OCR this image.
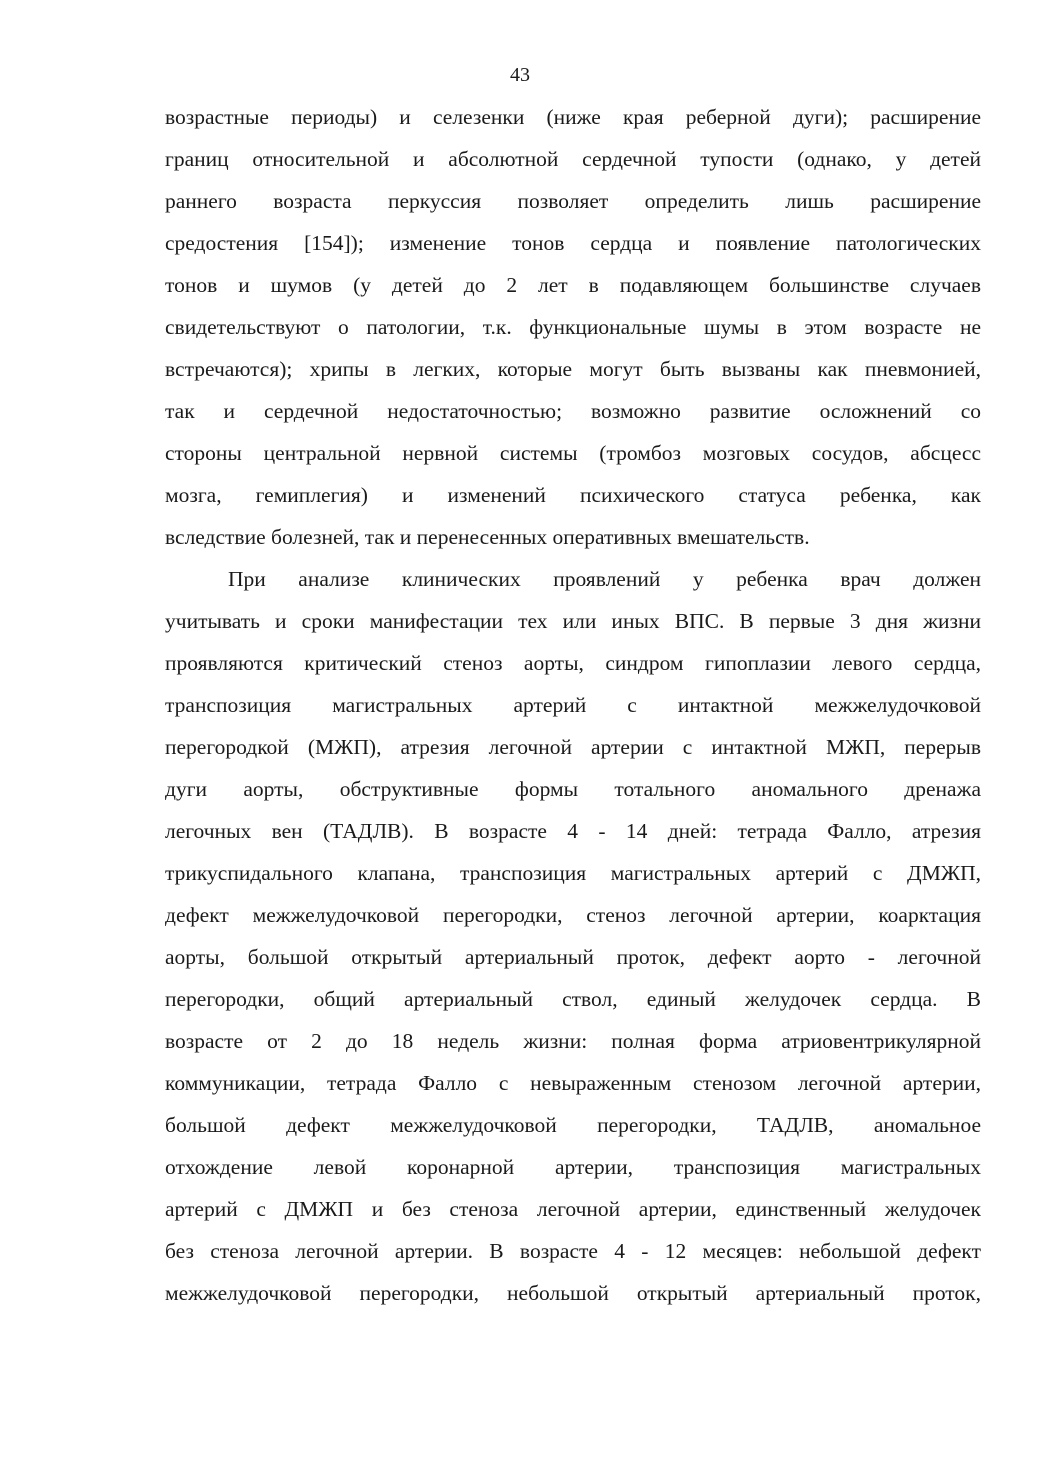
43
возрастные периоды) и селезенки (ниже края реберной дуги); расширение
границ относительной и абсолютной сердечной тупости (однако, у детей
раннего возраста перкуссия позволяет определить лишь расширение
средостения [154]); изменение тонов сердца и появление патологических
тонов и шумов (у детей до 2 лет в подавляющем большинстве случаев
свидетельствуют о патологии, т.к. функциональные шумы в этом возрасте не
встречаются); хрипы в легких, которые могут быть вызваны как пневмонией,
так и сердечной недостаточностью; возможно развитие осложнений со
стороны центральной нервной системы (тромбоз мозговых сосудов, абсцесс
мозга, гемиплегия) и изменений психического статуса ребенка, как
вследствие болезней, так и перенесенных оперативных вмешательств.
При анализе клинических проявлений у ребенка врач должен
учитывать и сроки манифестации тех или иных ВПС. В первые 3 дня жизни
проявляются критический стеноз аорты, синдром гипоплазии левого сердца,
транспозиция магистральных артерий с интактной межжелудочковой
перегородкой (МЖП), атрезия легочной артерии с интактной МЖП, перерыв
дуги аорты, обструктивные формы тотального аномального дренажа
легочных вен (ТАДЛВ). В возрасте 4 ‐ 14 дней: тетрада Фалло, атрезия
трикуспидального клапана, транспозиция магистральных артерий с ДМЖП,
дефект межжелудочковой перегородки, стеноз легочной артерии, коарктация
аорты, большой открытый артериальный проток, дефект аорто ‐ легочной
перегородки, общий артериальный ствол, единый желудочек сердца. В
возрасте от 2 до 18 недель жизни: полная форма атриовентрикулярной
коммуникации, тетрада Фалло с невыраженным стенозом легочной артерии,
большой дефект межжелудочковой перегородки, ТАДЛВ, аномальное
отхождение левой коронарной артерии, транспозиция магистральных
артерий с ДМЖП и без стеноза легочной артерии, единственный желудочек
без стеноза легочной артерии. В возрасте 4 ‐ 12 месяцев: небольшой дефект
межжелудочковой перегородки, небольшой открытый артериальный проток,
